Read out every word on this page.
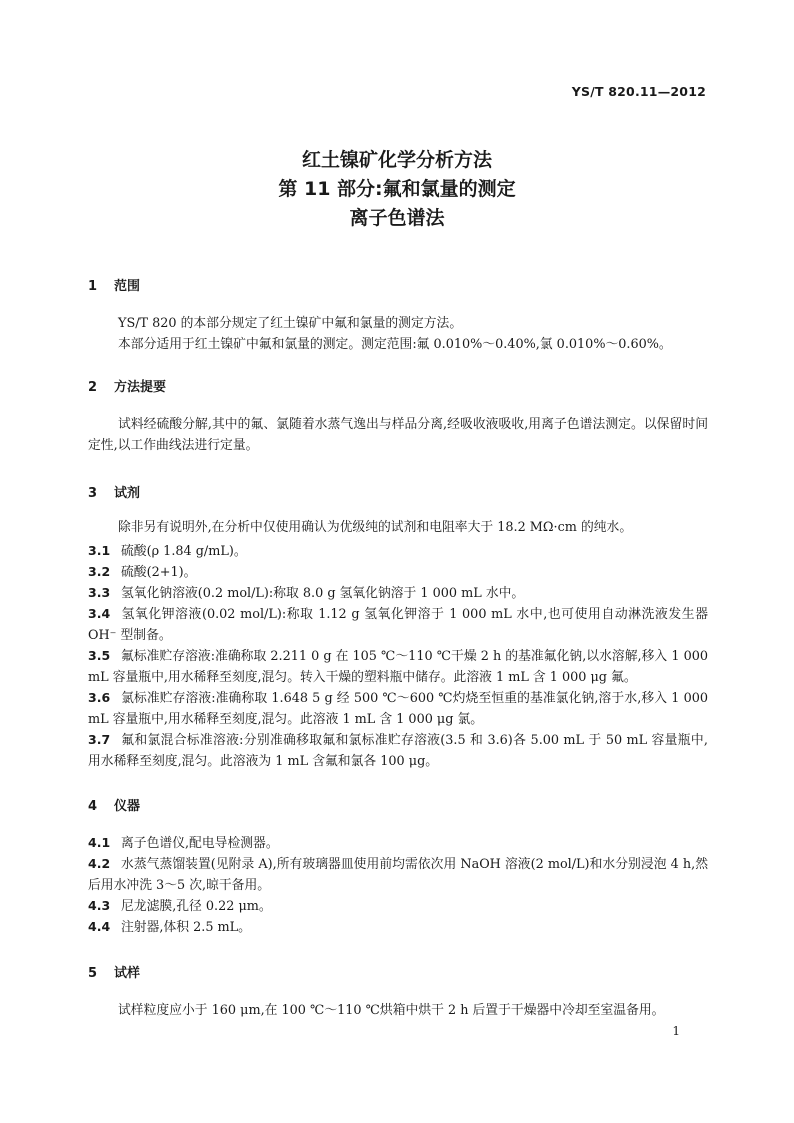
YS/T 820.11—2012
红土镍矿化学分析方法
第 11 部分:氟和氯量的测定
离子色谱法
1 范围
YS/T 820 的本部分规定了红土镍矿中氟和氯量的测定方法。
本部分适用于红土镍矿中氟和氯量的测定。测定范围:氟 0.010%～0.40%,氯 0.010%～0.60%。
2 方法提要
试料经硫酸分解,其中的氟、氯随着水蒸气逸出与样品分离,经吸收液吸收,用离子色谱法测定。以保留时间定性,以工作曲线法进行定量。
3 试剂
除非另有说明外,在分析中仅使用确认为优级纯的试剂和电阻率大于 18.2 MΩ·cm 的纯水。
3.1 硫酸(ρ 1.84 g/mL)。
3.2 硫酸(2+1)。
3.3 氢氧化钠溶液(0.2 mol/L):称取 8.0 g 氢氧化钠溶于 1 000 mL 水中。
3.4 氢氧化钾溶液(0.02 mol/L):称取 1.12 g 氢氧化钾溶于 1 000 mL 水中,也可使用自动淋洗液发生器 OH⁻ 型制备。
3.5 氟标准贮存溶液:准确称取 2.211 0 g 在 105 ℃～110 ℃干燥 2 h 的基准氟化钠,以水溶解,移入 1 000 mL 容量瓶中,用水稀释至刻度,混匀。转入干燥的塑料瓶中储存。此溶液 1 mL 含 1 000 μg 氟。
3.6 氯标准贮存溶液:准确称取 1.648 5 g 经 500 ℃～600 ℃灼烧至恒重的基准氯化钠,溶于水,移入 1 000 mL 容量瓶中,用水稀释至刻度,混匀。此溶液 1 mL 含 1 000 μg 氯。
3.7 氟和氯混合标准溶液:分别准确移取氟和氯标准贮存溶液(3.5 和 3.6)各 5.00 mL 于 50 mL 容量瓶中,用水稀释至刻度,混匀。此溶液为 1 mL 含氟和氯各 100 μg。
4 仪器
4.1 离子色谱仪,配电导检测器。
4.2 水蒸气蒸馏装置(见附录 A),所有玻璃器皿使用前均需依次用 NaOH 溶液(2 mol/L)和水分别浸泡 4 h,然后用水冲洗 3～5 次,晾干备用。
4.3 尼龙滤膜,孔径 0.22 μm。
4.4 注射器,体积 2.5 mL。
5 试样
试样粒度应小于 160 μm,在 100 ℃～110 ℃烘箱中烘干 2 h 后置于干燥器中冷却至室温备用。
1
